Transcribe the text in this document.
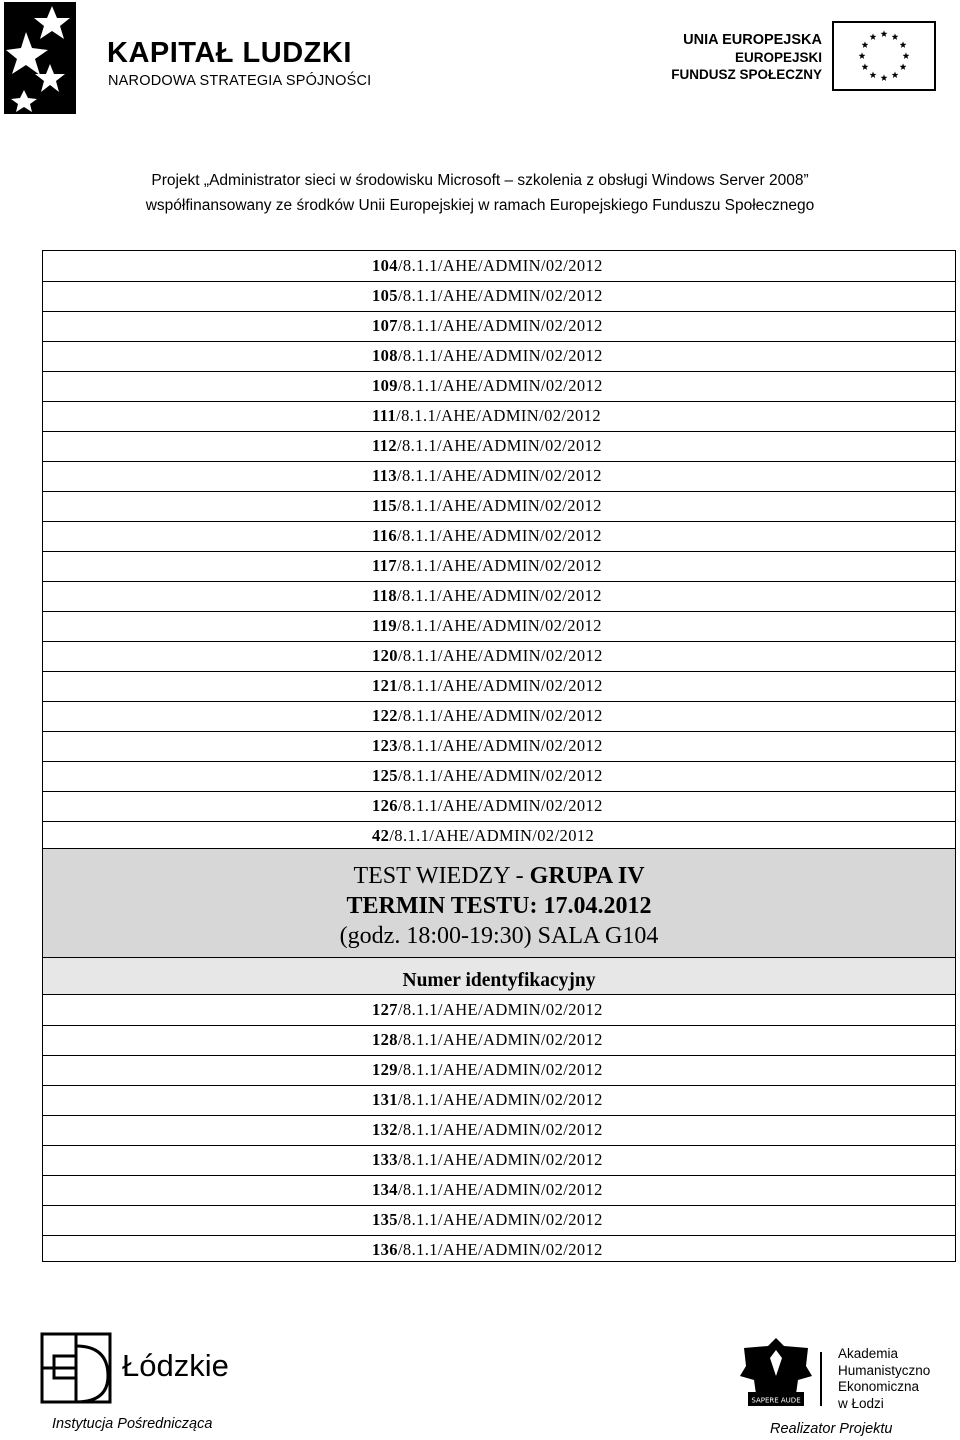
KAPITAŁ LUDZKI
NARODOWA STRATEGIA SPÓJNOŚCI
UNIA EUROPEJSKA
EUROPEJSKI
FUNDUSZ SPOŁECZNY
Projekt „Administrator sieci w środowisku Microsoft – szkolenia z obsługi Windows Server 2008”
współfinansowany ze środków Unii Europejskiej w ramach Europejskiego Funduszu Społecznego
104/8.1.1/AHE/ADMIN/02/2012
105/8.1.1/AHE/ADMIN/02/2012
107/8.1.1/AHE/ADMIN/02/2012
108/8.1.1/AHE/ADMIN/02/2012
109/8.1.1/AHE/ADMIN/02/2012
111/8.1.1/AHE/ADMIN/02/2012
112/8.1.1/AHE/ADMIN/02/2012
113/8.1.1/AHE/ADMIN/02/2012
115/8.1.1/AHE/ADMIN/02/2012
116/8.1.1/AHE/ADMIN/02/2012
117/8.1.1/AHE/ADMIN/02/2012
118/8.1.1/AHE/ADMIN/02/2012
119/8.1.1/AHE/ADMIN/02/2012
120/8.1.1/AHE/ADMIN/02/2012
121/8.1.1/AHE/ADMIN/02/2012
122/8.1.1/AHE/ADMIN/02/2012
123/8.1.1/AHE/ADMIN/02/2012
125/8.1.1/AHE/ADMIN/02/2012
126/8.1.1/AHE/ADMIN/02/2012
42/8.1.1/AHE/ADMIN/02/2012
TEST WIEDZY - GRUPA IV
TERMIN TESTU: 17.04.2012
(godz. 18:00-19:30) SALA G104
Numer identyfikacyjny
127/8.1.1/AHE/ADMIN/02/2012
128/8.1.1/AHE/ADMIN/02/2012
129/8.1.1/AHE/ADMIN/02/2012
131/8.1.1/AHE/ADMIN/02/2012
132/8.1.1/AHE/ADMIN/02/2012
133/8.1.1/AHE/ADMIN/02/2012
134/8.1.1/AHE/ADMIN/02/2012
135/8.1.1/AHE/ADMIN/02/2012
136/8.1.1/AHE/ADMIN/02/2012
Łódzkie
Instytucja Pośrednicząca
SAPERE AUDE
Akademia
Humanistyczno
Ekonomiczna
w Łodzi
Realizator Projektu
